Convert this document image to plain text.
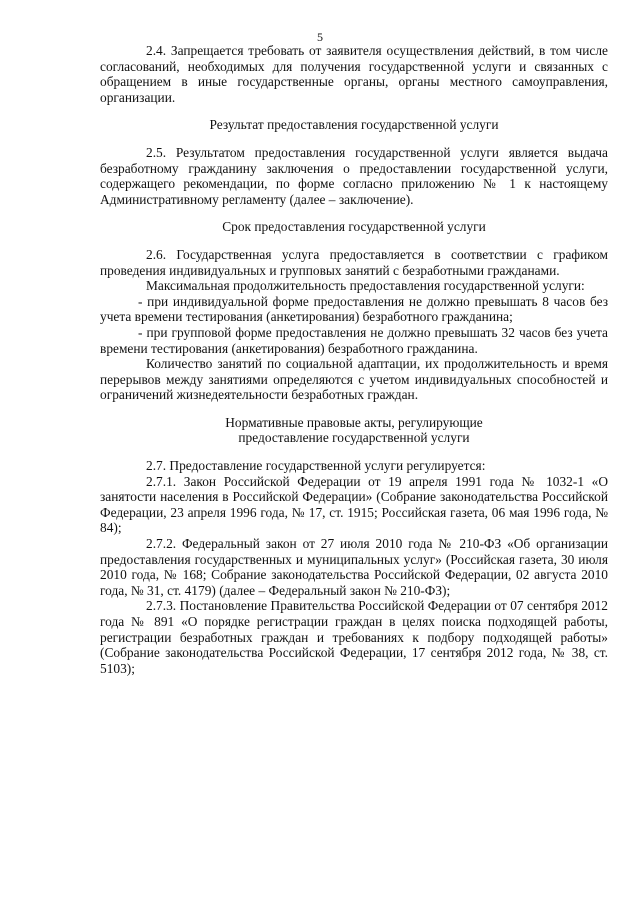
5

2.4. Запрещается требовать от заявителя осуществления действий, в том числе согласований, необходимых для получения государственной услуги и связанных с обращением в иные государственные органы, органы местного самоуправления, организации.

Результат предоставления государственной услуги

2.5. Результатом предоставления государственной услуги является выдача безработному гражданину заключения о предоставлении государственной услуги, содержащего рекомендации, по форме согласно приложению № 1 к настоящему Административному регламенту (далее – заключение).

Срок предоставления государственной услуги

2.6. Государственная услуга предоставляется в соответствии с графиком проведения индивидуальных и групповых занятий с безработными гражданами.

Максимальная продолжительность предоставления государственной услуги:

- при индивидуальной форме предоставления не должно превышать 8 часов без учета времени тестирования (анкетирования) безработного гражданина;

- при групповой форме предоставления не должно превышать 32 часов без учета времени тестирования (анкетирования) безработного гражданина.

Количество занятий по социальной адаптации, их продолжительность и время перерывов между занятиями определяются с учетом индивидуальных способностей и ограничений жизнедеятельности безработных граждан.

Нормативные правовые акты, регулирующие

предоставление государственной услуги

2.7. Предоставление государственной услуги регулируется:

2.7.1. Закон Российской Федерации от 19 апреля 1991 года № 1032-1 «О занятости населения в Российской Федерации» (Собрание законодательства Российской Федерации, 23 апреля 1996 года, № 17, ст. 1915; Российская газета, 06 мая 1996 года, № 84);

2.7.2. Федеральный закон от 27 июля 2010 года № 210-ФЗ «Об организации предоставления государственных и муниципальных услуг» (Российская газета, 30 июля 2010 года, № 168; Собрание законодательства Российской Федерации, 02 августа 2010 года, № 31, ст. 4179) (далее – Федеральный закон № 210-ФЗ);

2.7.3. Постановление Правительства Российской Федерации от 07 сентября 2012 года № 891 «О порядке регистрации граждан в целях поиска подходящей работы, регистрации безработных граждан и требованиях к подбору подходящей работы» (Собрание законодательства Российской Федерации, 17 сентября 2012 года, № 38, ст. 5103);
